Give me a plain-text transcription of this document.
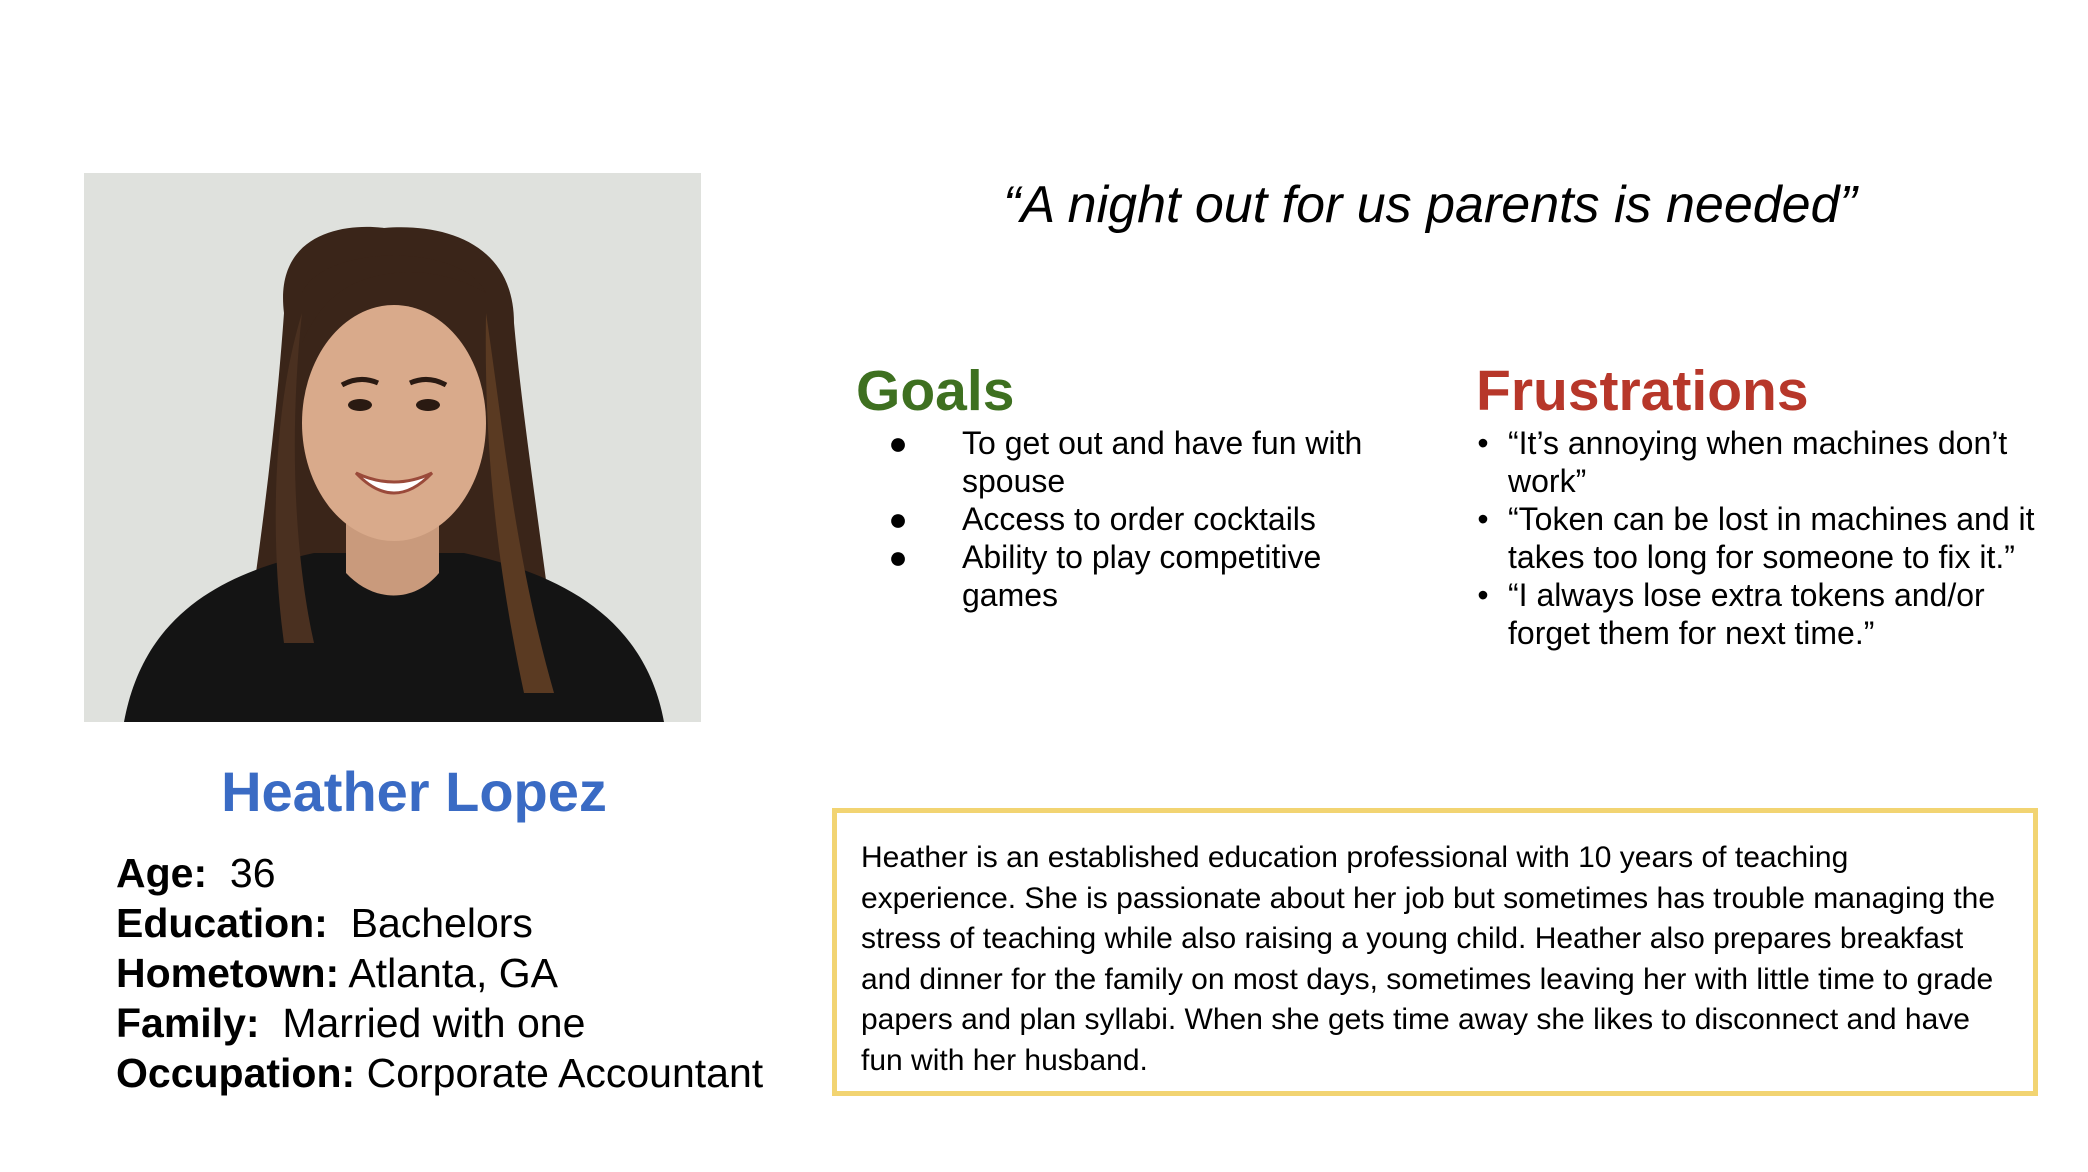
Heather Lopez
Age:  36
Education:  Bachelors
Hometown: Atlanta, GA
Family:  Married with one
Occupation: Corporate Accountant
“A night out for us parents is needed”
Goals
● To get out and have fun with spouse
● Access to order cocktails
● Ability to play competitive games
Frustrations
• “It’s annoying when machines don’t work”
• “Token can be lost in machines and it takes too long for someone to fix it.”
• “I always lose extra tokens and/or forget them for next time.”
Heather is an established education professional with 10 years of teaching experience. She is passionate about her job but sometimes has trouble managing the stress of teaching while also raising a young child. Heather also prepares breakfast and dinner for the family on most days, sometimes leaving her with little time to grade papers and plan syllabi. When she gets time away she likes to disconnect and have fun with her husband.
